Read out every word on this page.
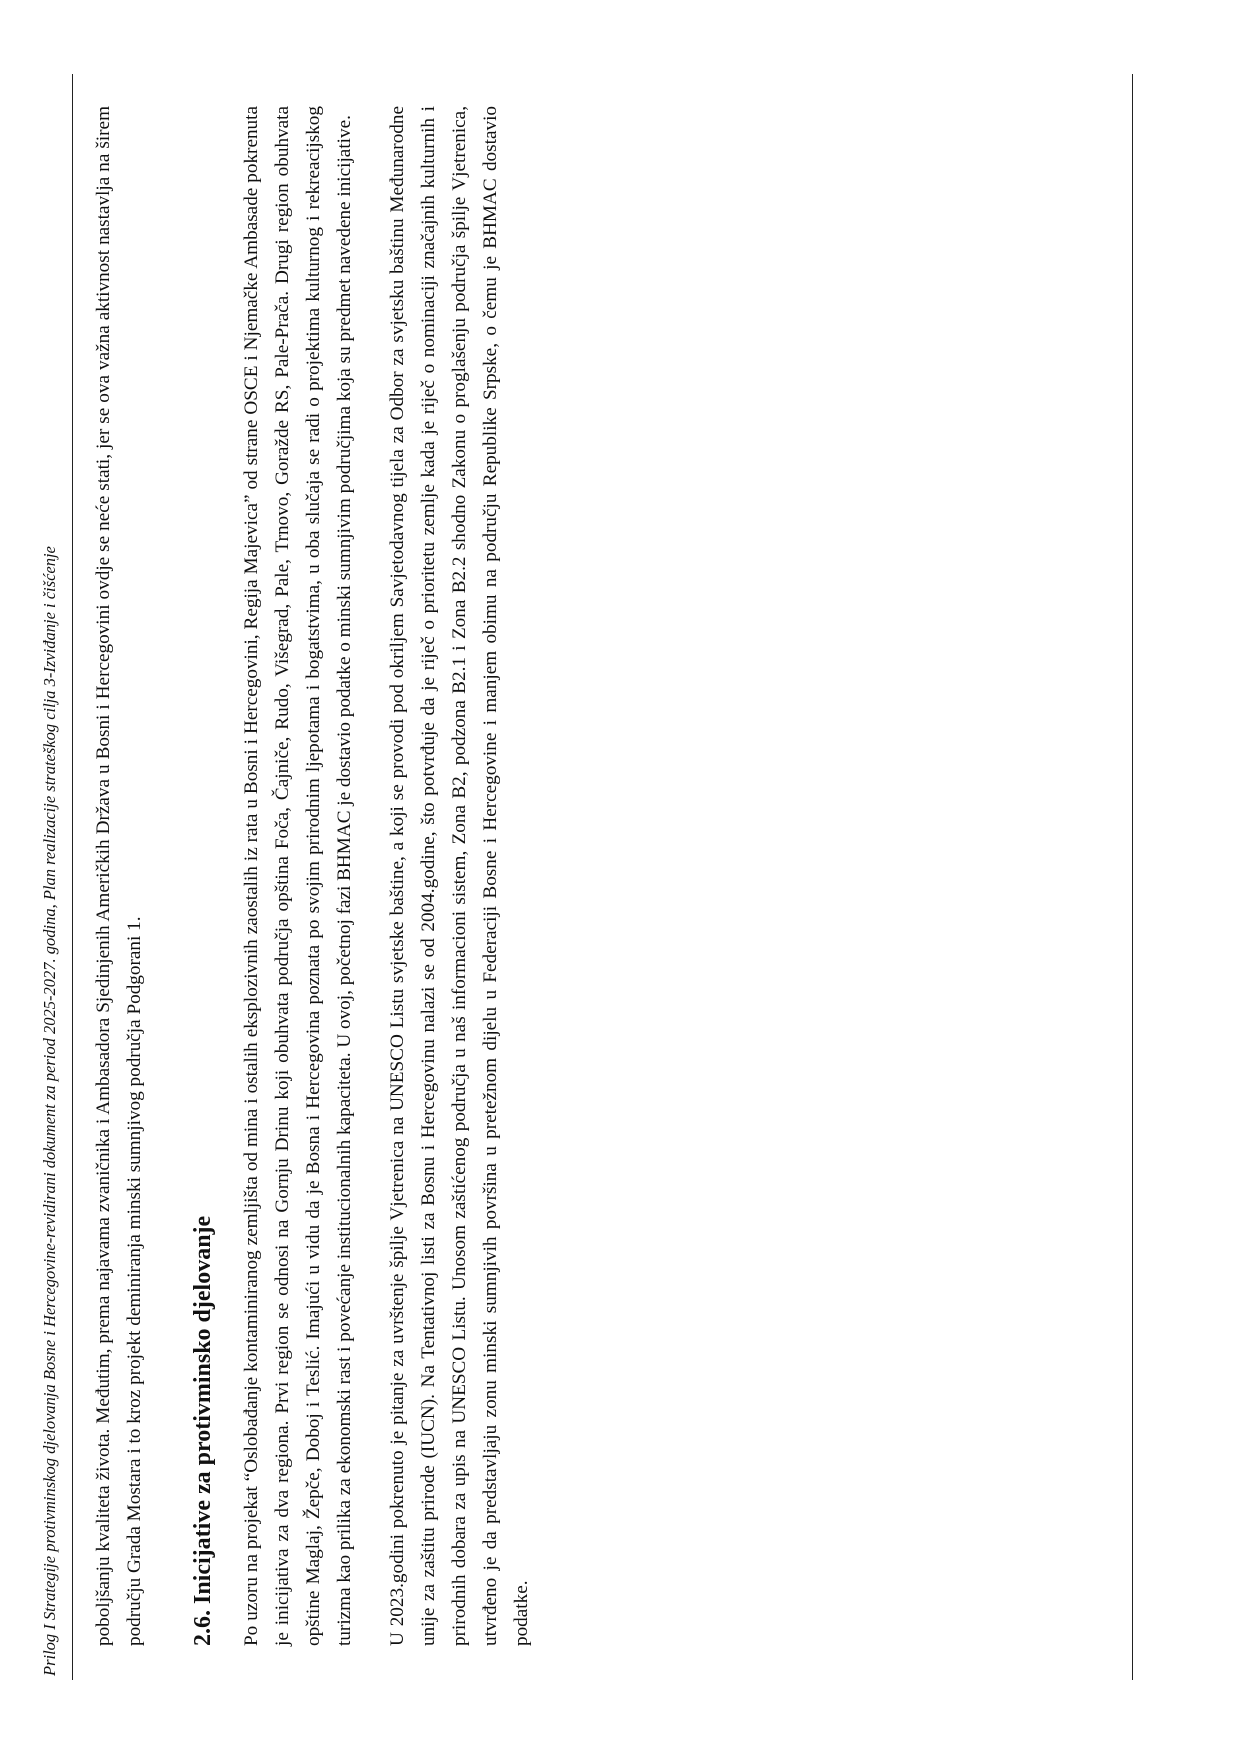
Prilog I Strategije protivminskog djelovanja Bosne i Hercegovine-revidirani dokument za period 2025-2027. godina, Plan realizacije strateškog cilja 3-Izviđanje i čišćenje poboljšanju kvaliteta života. Međutim, prema najavama zvaničnika i Ambasadora Sjedinjenih Američkih Država u Bosni i Hercegovini ovdje se neće stati, jer se ova važna aktivnost nastavlja na širem području Grada Mostara i to kroz projekt deminiranja minski sumnjivog područja Podgorani 1. 2.6. Inicijative za protivminsko djelovanje Po uzoru na projekat “Oslobađanje kontaminiranog zemljišta od mina i ostalih eksplozivnih zaostalih iz rata u Bosni i Hercegovini, Regija Majevica” od strane OSCE i Njemačke Ambasade pokrenuta je inicijativa za dva regiona. Prvi region se odnosi na Gornju Drinu koji obuhvata područja opština Foča, Čajniče, Rudo, Višegrad, Pale, Trnovo, Goražde RS, Pale-Prača. Drugi region obuhvata opštine Maglaj, Žepče, Doboj i Teslić. Imajući u vidu da je Bosna i Hercegovina poznata po svojim prirodnim ljepotama i bogatstvima, u oba slučaja se radi o projektima kulturnog i rekreacijskog turizma kao prilika za ekonomski rast i povećanje institucionalnih kapaciteta. U ovoj, početnoj fazi BHMAC je dostavio podatke o minski sumnjivim područjima koja su predmet navedene inicijative. U 2023.godini pokrenuto je pitanje za uvrštenje špilje Vjetrenica na UNESCO Listu svjetske baštine, a koji se provodi pod okriljem Savjetodavnog tijela za Odbor za svjetsku baštinu Međunarodne unije za zaštitu prirode (IUCN). Na Tentativnoj listi za Bosnu i Hercegovinu nalazi se od 2004.godine, što potvrđuje da je riječ o prioritetu zemlje kada je riječ o nominaciji značajnih kulturnih i prirodnih dobara za upis na UNESCO Listu. Unosom zaštićenog područja u naš informacioni sistem, Zona B2, podzona B2.1 i Zona B2.2 shodno Zakonu o proglašenju područja špilje Vjetrenica, utvrđeno je da predstavljaju zonu minski sumnjivih površina u pretežnom dijelu u Federaciji Bosne i Hercegovine i manjem obimu na području Republike Srpske, o čemu je BHMAC dostavio podatke.
